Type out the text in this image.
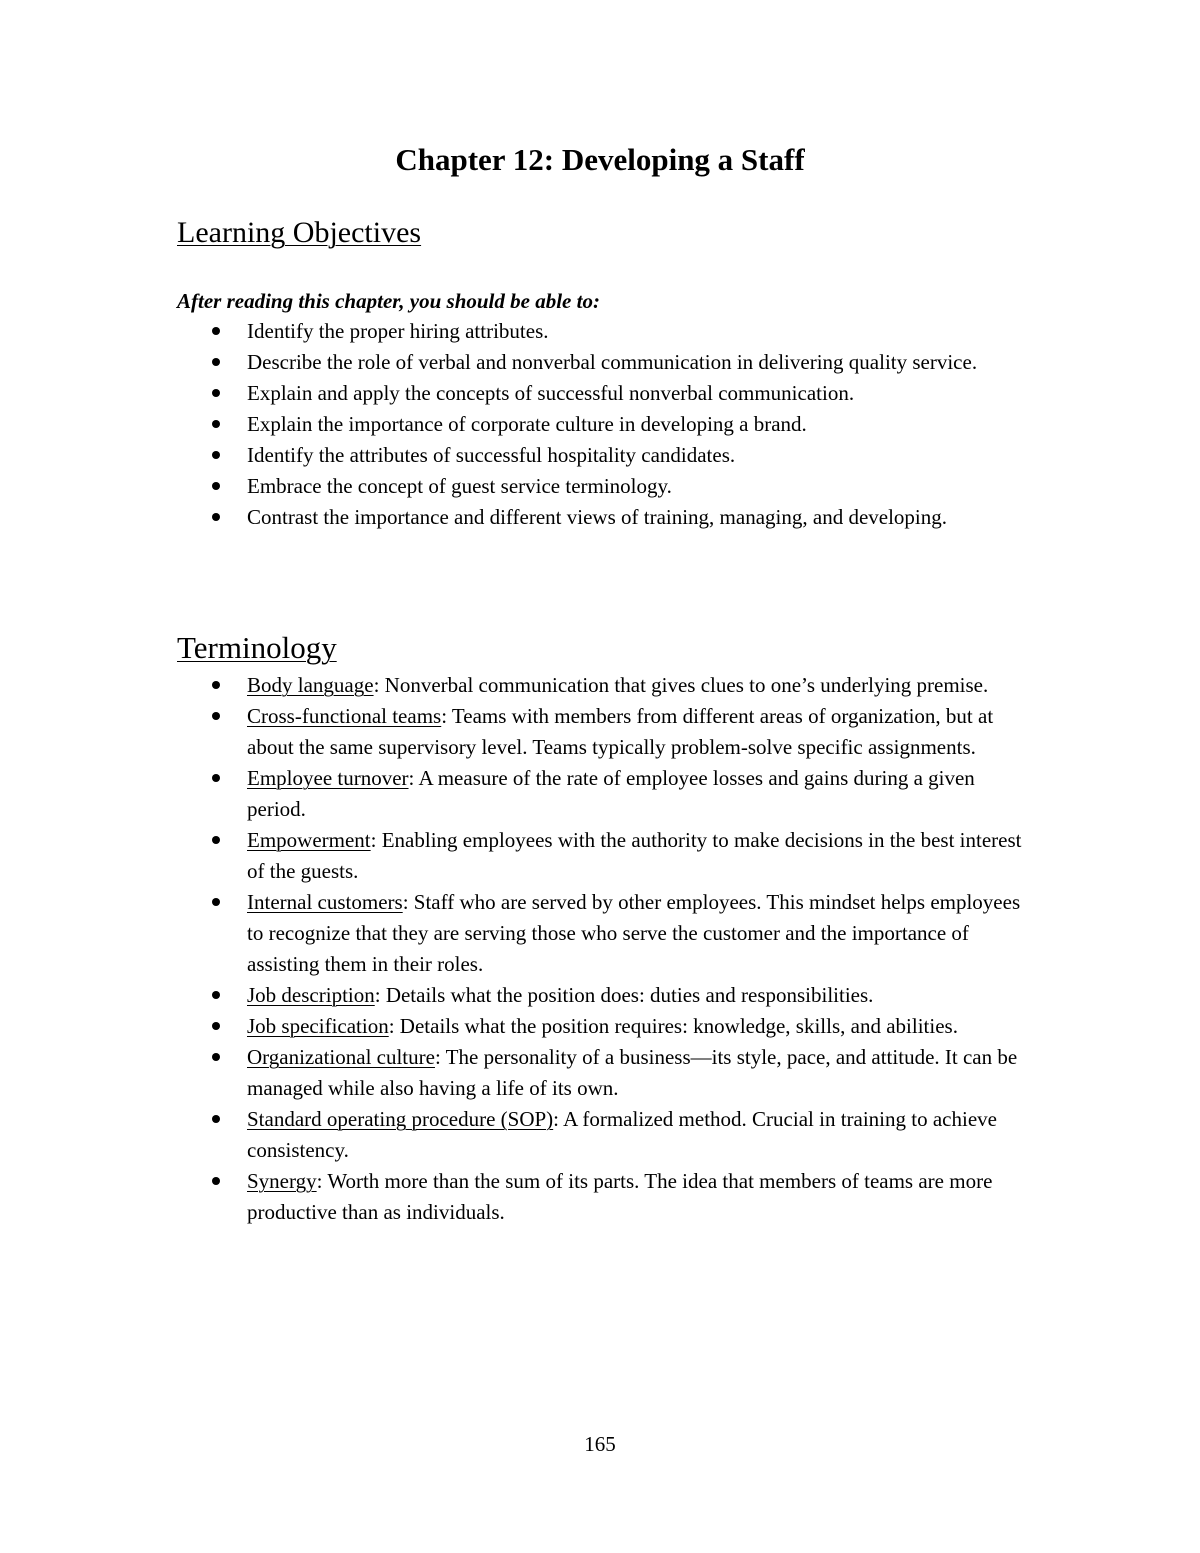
Chapter 12: Developing a Staff
Learning Objectives

After reading this chapter, you should be able to:

Identify the proper hiring attributes.
Describe the role of verbal and nonverbal communication in delivering quality service.
Explain and apply the concepts of successful nonverbal communication.
Explain the importance of corporate culture in developing a brand.
Identify the attributes of successful hospitality candidates.
Embrace the concept of guest service terminology.
Contrast the importance and different views of training, managing, and developing.
Terminology
Body language: Nonverbal communication that gives clues to one’s underlying premise.
Cross-functional teams: Teams with members from different areas of organization, but at about the same supervisory level. Teams typically problem-solve specific assignments.
Employee turnover: A measure of the rate of employee losses and gains during a given period.
Empowerment: Enabling employees with the authority to make decisions in the best interest of the guests.
Internal customers: Staff who are served by other employees. This mindset helps employees to recognize that they are serving those who serve the customer and the importance of assisting them in their roles.
Job description: Details what the position does: duties and responsibilities.
Job specification: Details what the position requires: knowledge, skills, and abilities.
Organizational culture: The personality of a business—its style, pace, and attitude. It can be managed while also having a life of its own.
Standard operating procedure (SOP): A formalized method. Crucial in training to achieve consistency.
Synergy: Worth more than the sum of its parts. The idea that members of teams are more productive than as individuals.

165
